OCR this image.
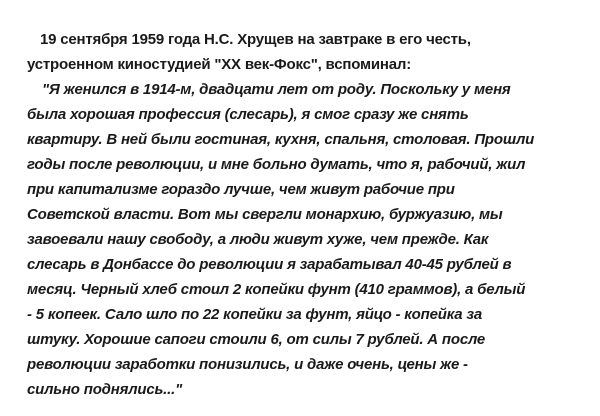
19 сентября 1959 года Н.С. Хрущев на завтраке в его честь,
устроенном киностудией "ХХ век-Фокс", вспоминал:
"Я женился в 1914-м, двадцати лет от роду. Поскольку у меня
была хорошая профессия (слесарь), я смог сразу же снять
квартиру. В ней были гостиная, кухня, спальня, столовая. Прошли
годы после революции, и мне больно думать, что я, рабочий, жил
при капитализме гораздо лучше, чем живут рабочие при
Советской власти. Вот мы свергли монархию, буржуазию, мы
завоевали нашу свободу, а люди живут хуже, чем прежде. Как
слесарь в Донбассе до революции я зарабатывал 40-45 рублей в
месяц. Черный хлеб стоил 2 копейки фунт (410 граммов), а белый
- 5 копеек. Сало шло по 22 копейки за фунт, яйцо - копейка за
штуку. Хорошие сапоги стоили 6, от силы 7 рублей. А после
революции заработки понизились, и даже очень, цены же -
сильно поднялись..."
